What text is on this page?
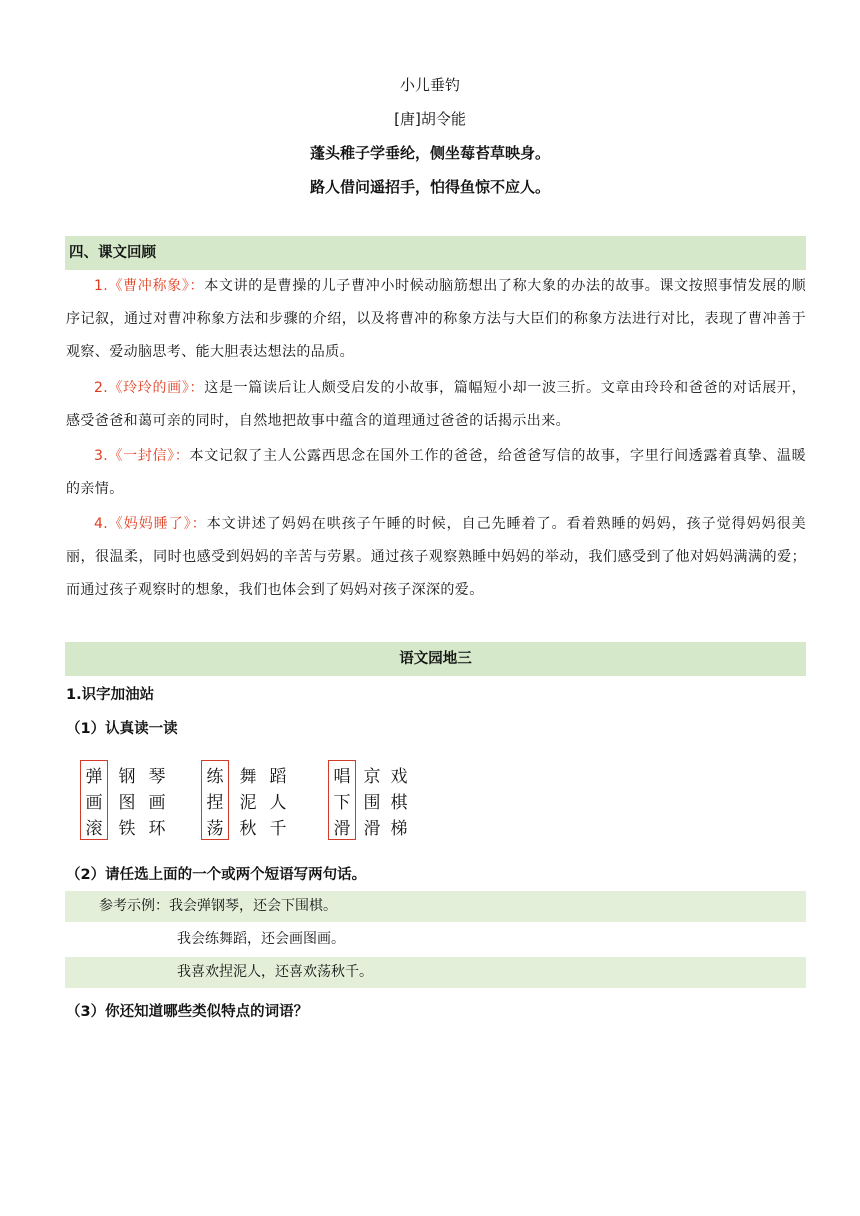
小儿垂钓
[唐]胡令能
蓬头稚子学垂纶，侧坐莓苔草映身。
路人借问遥招手，怕得鱼惊不应人。
四、课文回顾
1.《曹冲称象》：本文讲的是曹操的儿子曹冲小时候动脑筋想出了称大象的办法的故事。课文按照事情发展的顺序记叙，通过对曹冲称象方法和步骤的介绍，以及将曹冲的称象方法与大臣们的称象方法进行对比，表现了曹冲善于观察、爱动脑思考、能大胆表达想法的品质。
2.《玲玲的画》：这是一篇读后让人颇受启发的小故事，篇幅短小却一波三折。文章由玲玲和爸爸的对话展开，感受爸爸和蔼可亲的同时，自然地把故事中蕴含的道理通过爸爸的话揭示出来。
3.《一封信》：本文记叙了主人公露西思念在国外工作的爸爸，给爸爸写信的故事，字里行间透露着真挚、温暖的亲情。
4.《妈妈睡了》：本文讲述了妈妈在哄孩子午睡的时候，自己先睡着了。看着熟睡的妈妈，孩子觉得妈妈很美丽，很温柔，同时也感受到妈妈的辛苦与劳累。通过孩子观察熟睡中妈妈的举动，我们感受到了他对妈妈满满的爱；而通过孩子观察时的想象，我们也体会到了妈妈对孩子深深的爱。
语文园地三
1.识字加油站
（1）认真读一读
弹 钢 琴
画 图 画
滚 铁 环
练 舞 蹈
捏 泥 人
荡 秋 千
唱 京 戏
下 围 棋
滑 滑 梯
（2）请任选上面的一个或两个短语写两句话。
参考示例：我会弹钢琴，还会下围棋。
我会练舞蹈，还会画图画。
我喜欢捏泥人，还喜欢荡秋千。
（3）你还知道哪些类似特点的词语？
